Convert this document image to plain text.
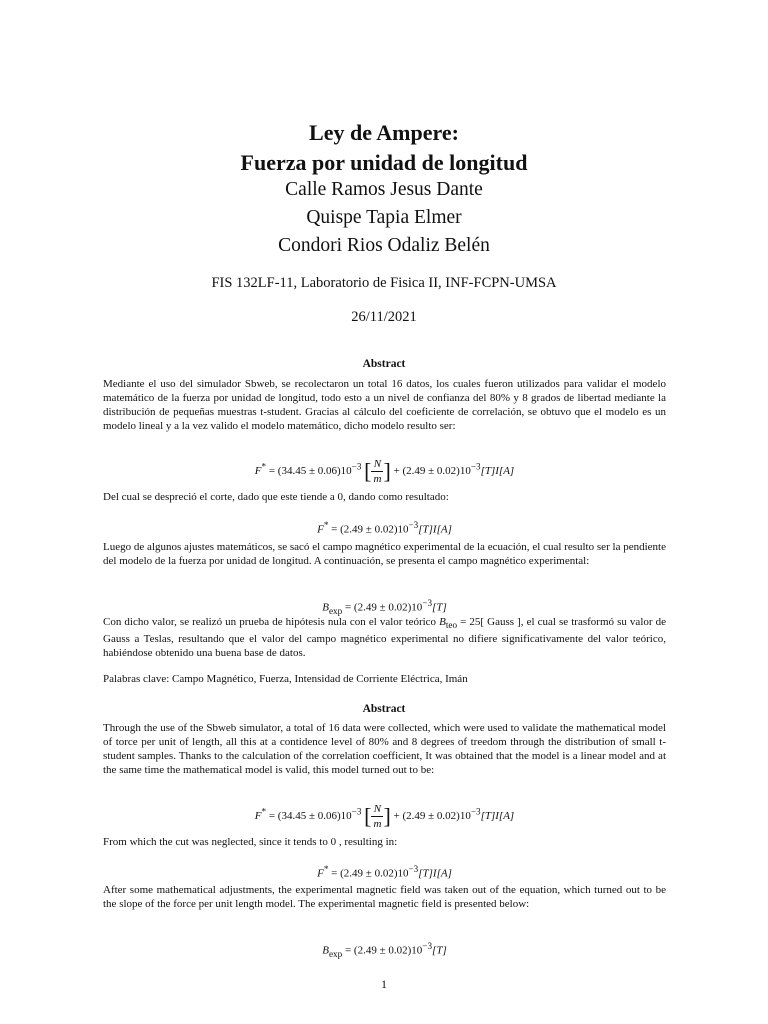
Ley de Ampere:
Fuerza por unidad de longitud
Calle Ramos Jesus Dante
Quispe Tapia Elmer
Condori Rios Odaliz Belén
FIS 132LF-11, Laboratorio de Fisica II, INF-FCPN-UMSA
26/11/2021
Abstract
Mediante el uso del simulador Sbweb, se recolectaron un total 16 datos, los cuales fueron utilizados para validar el modelo matemático de la fuerza por unidad de longitud, todo esto a un nivel de confianza del 80% y 8 grados de libertad mediante la distribución de pequeñas muestras t-student. Gracias al cálculo del coeficiente de correlación, se obtuvo que el modelo es un modelo lineal y a la vez valido el modelo matemático, dicho modelo resulto ser:
$F^* = (34.45 \pm 0.06)10^{-3}$ [ $\frac{N}{m}$ ] + $(2.49 \pm 0.02)10^{-3}[T]I[A]$
Del cual se despreció el corte, dado que este tiende a 0, dando como resultado:
$F^* = (2.49 \pm 0.02)10^{-3}[T]I[A]$
Luego de algunos ajustes matemáticos, se sacó el campo magnético experimental de la ecuación, el cual resulto ser la pendiente del modelo de la fuerza por unidad de longitud. A continuación, se presenta el campo magnético experimental:
$B_{exp} = (2.49 \pm 0.02)10^{-3}[T]$
Con dicho valor, se realizó un prueba de hipótesis nula con el valor teórico $B_{teo} = 25$[ Gauss ], el cual se trasformó su valor de Gauss a Teslas, resultando que el valor del campo magnético experimental no difiere significativamente del valor teórico, habiéndose obtenido una buena base de datos.
Palabras clave: Campo Magnético, Fuerza, Intensidad de Corriente Eléctrica, Imán
Abstract
Through the use of the Sbweb simulator, a total of 16 data were collected, which were used to validate the mathematical model of torce per unit of length, all this at a contidence level of 80% and 8 degrees of treedom through the distribution of small t-student samples. Thanks to the calculation of the correlation coefficient, It was obtained that the model is a linear model and at the same time the mathematical model is valid, this model turned out to be:
$F^* = (34.45 \pm 0.06)10^{-3}$ [ $\frac{N}{m}$ ] + $(2.49 \pm 0.02)10^{-3}[T]I[A]$
From which the cut was neglected, since it tends to 0 , resulting in:
$F^* = (2.49 \pm 0.02)10^{-3}[T]I[A]$
After some mathematical adjustments, the experimental magnetic field was taken out of the equation, which turned out to be the slope of the force per unit length model. The experimental magnetic field is presented below:
$B_{exp} = (2.49 \pm 0.02)10^{-3}[T]$
1
